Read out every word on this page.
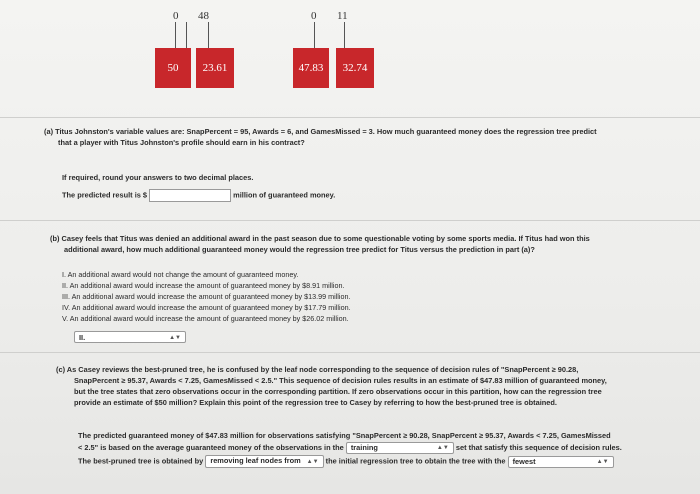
0 48	0 11
50	23.61	47.83	32.74
(a) Titus Johnston's variable values are: SnapPercent = 95, Awards = 6, and GamesMissed = 3. How much guaranteed money does the regression tree predict
that a player with Titus Johnston's profile should earn in his contract?
If required, round your answers to two decimal places.
The predicted result is $	million of guaranteed money.
(b) Casey feels that Titus was denied an additional award in the past season due to some questionable voting by some sports media. If Titus had won this
additional award, how much additional guaranteed money would the regression tree predict for Titus versus the prediction in part (a)?
I. An additional award would not change the amount of guaranteed money.
II. An additional award would increase the amount of guaranteed money by $8.91 million.
III. An additional award would increase the amount of guaranteed money by $13.99 million.
IV. An additional award would increase the amount of guaranteed money by $17.79 million.
V. An additional award would increase the amount of guaranteed money by $26.02 million.
II.	▲▼
(c) As Casey reviews the best-pruned tree, he is confused by the leaf node corresponding to the sequence of decision rules of "SnapPercent ≥ 90.28,
SnapPercent ≥ 95.37, Awards < 7.25, GamesMissed < 2.5." This sequence of decision rules results in an estimate of $47.83 million of guaranteed money,
but the tree states that zero observations occur in the corresponding partition. If zero observations occur in this partition, how can the regression tree
provide an estimate of $50 million? Explain this point of the regression tree to Casey by referring to how the best-pruned tree is obtained.
The predicted guaranteed money of $47.83 million for observations satisfying "SnapPercent ≥ 90.28, SnapPercent ≥ 95.37, Awards < 7.25, GamesMissed
< 2.5" is based on the average guaranteed money of the observations in the training	▲▼ set that satisfy this sequence of decision rules.
The best-pruned tree is obtained by removing leaf nodes from ▲▼ the initial regression tree to obtain the tree with the fewest	▲▼
